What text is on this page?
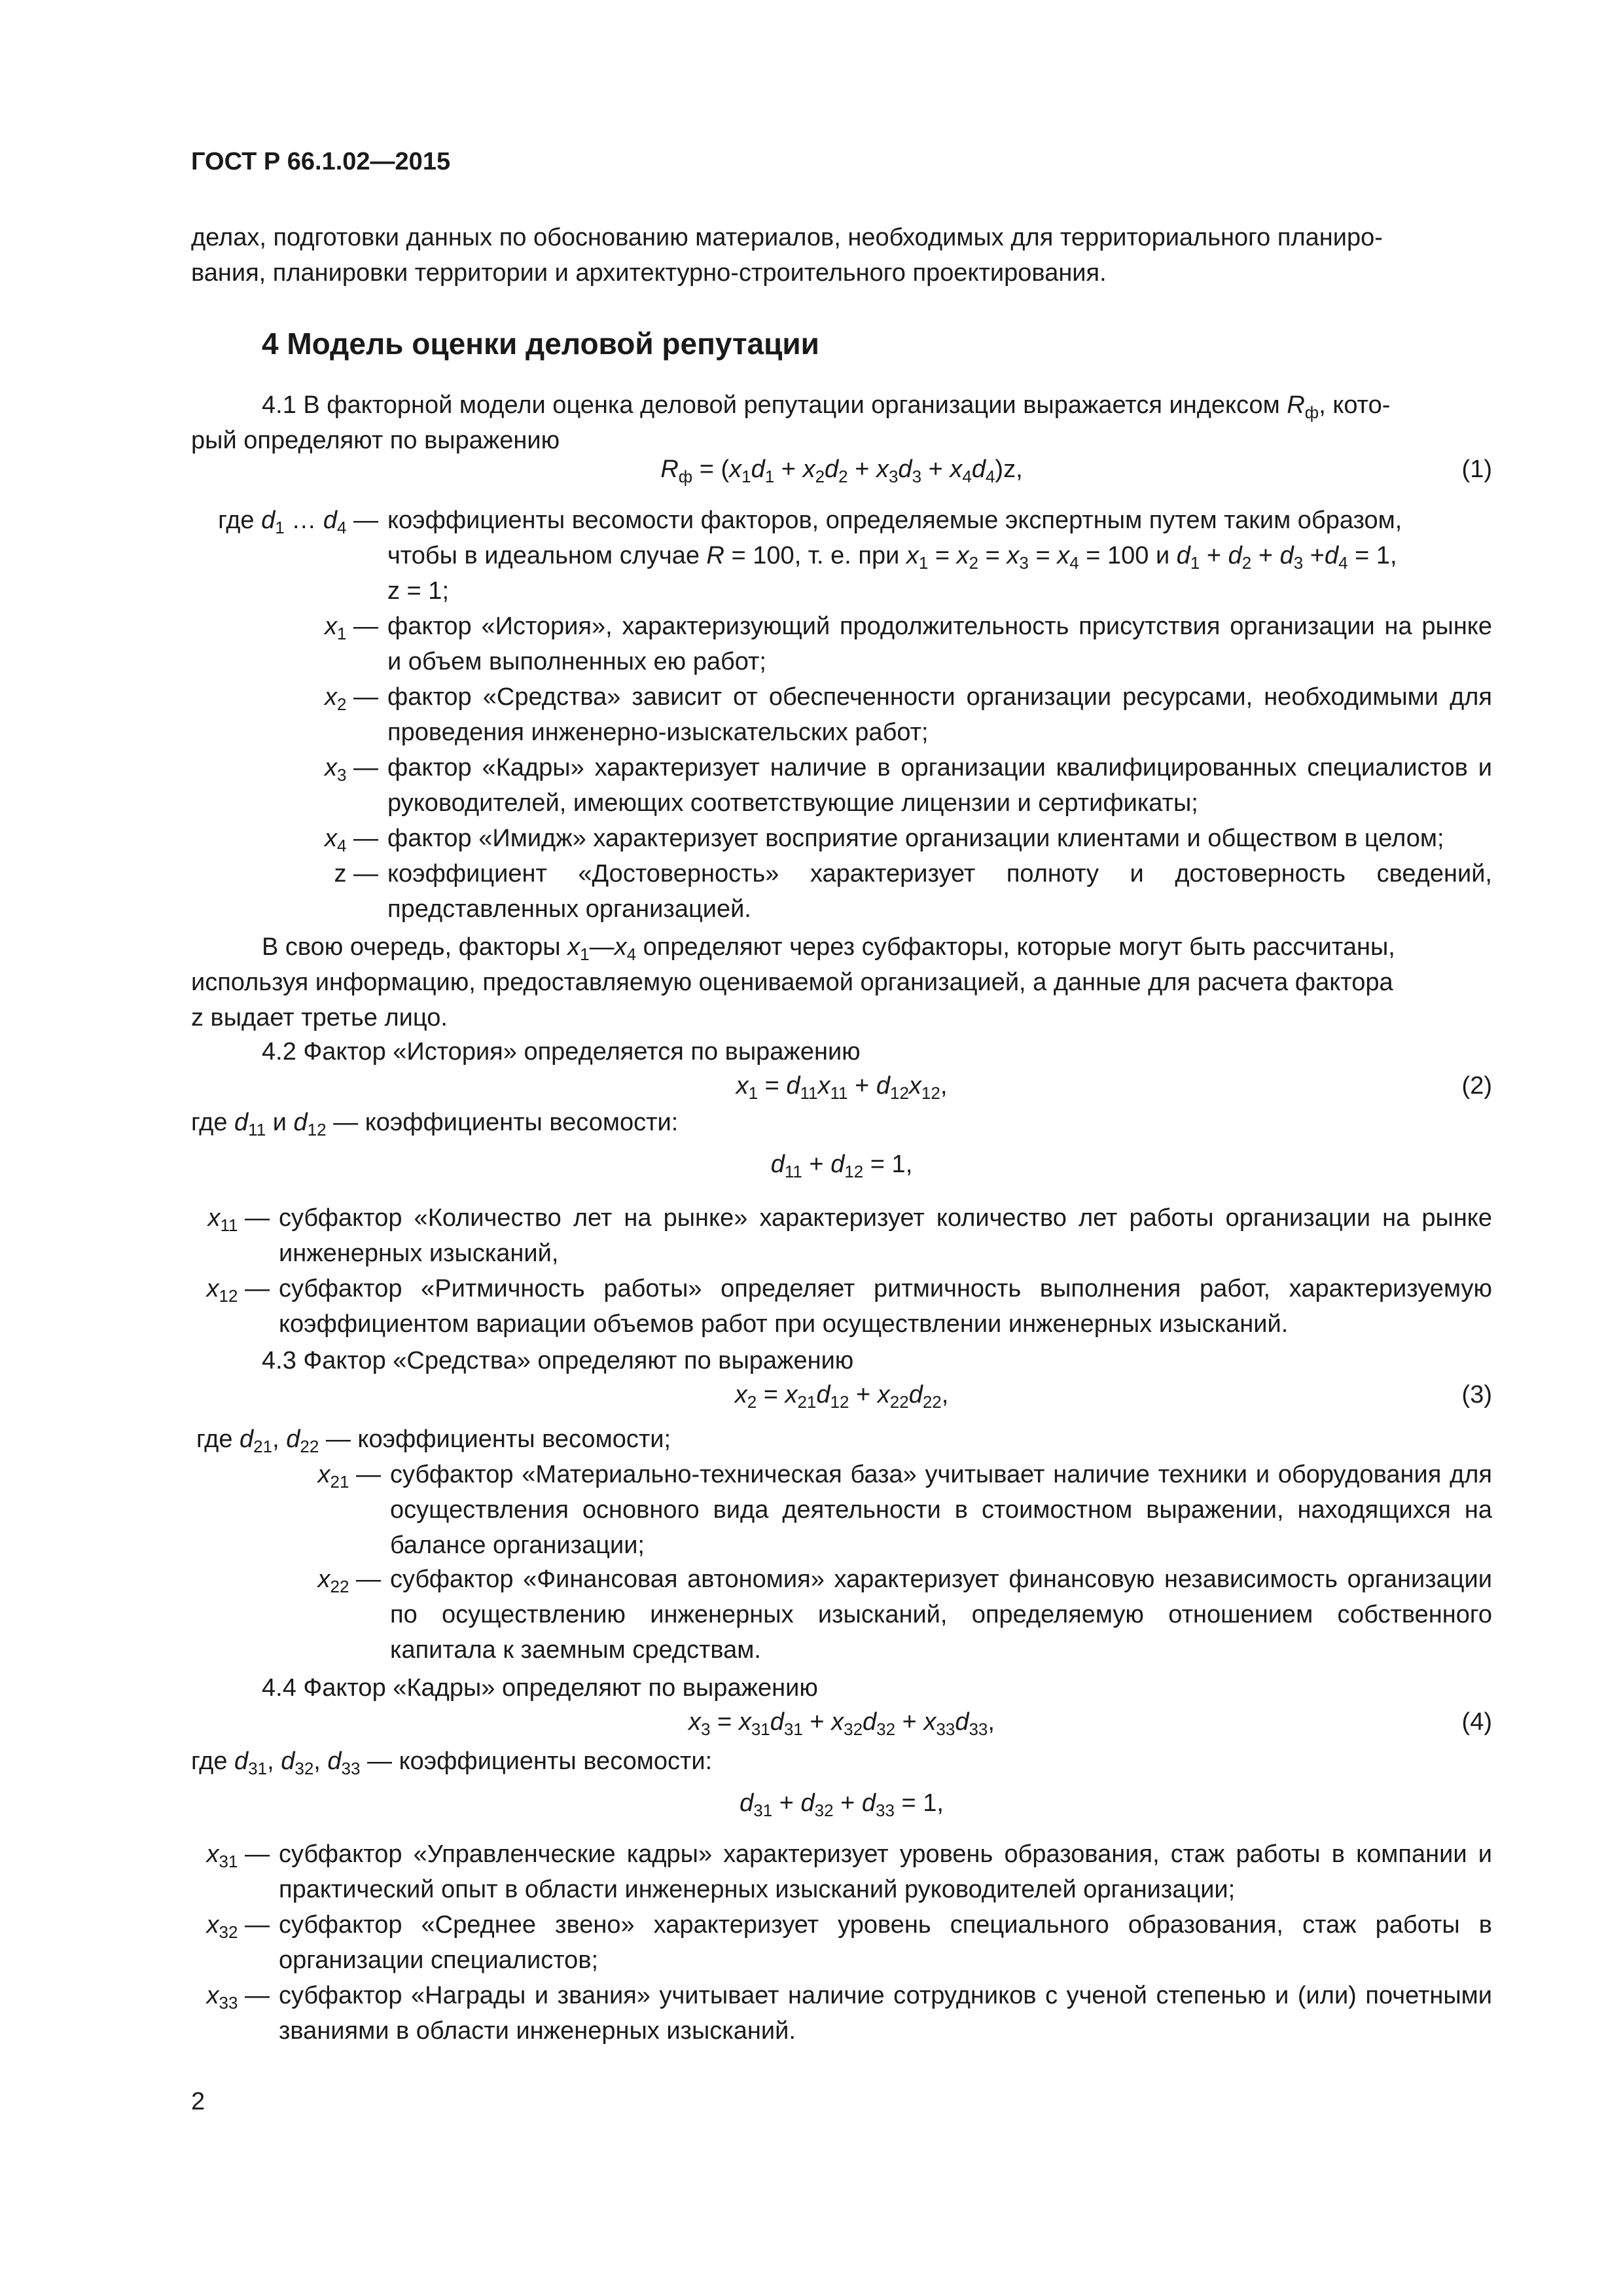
ГОСТ Р 66.1.02—2015

делах, подготовки данных по обоснованию материалов, необходимых для территориального планиро-
вания, планировки территории и архитектурно-строительного проектирования.

4 Модель оценки деловой репутации

4.1 В факторной модели оценка деловой репутации организации выражается индексом $R_ф$, кото-
рый определяют по выражению

$R_ф = (x_1d_1 + x_2d_2 + x_3d_3 + x_4d_4)z$,	(1)
где $d_1$ … $d_4$ — коэффициенты весомости факторов, определяемые экспертным путем таким образом,
чтобы в идеальном случае R = 100, т. е. при $x_1 = x_2 = x_3 = x_4 = 100$ и $d_1 + d_2 + d_3 +d_4 = 1$,
z = 1;
$x_1$ — фактор «История», характеризующий продолжительность присутствия организации на рынке и объем выполненных ею работ;
$x_2$ — фактор «Средства» зависит от обеспеченности организации ресурсами, необходимыми для проведения инженерно-изыскательских работ;
$x_3$ — фактор «Кадры» характеризует наличие в организации квалифицированных специалистов и руководителей, имеющих соответствующие лицензии и сертификаты;
$x_4$ — фактор «Имидж» характеризует восприятие организации клиентами и обществом в целом;
z — коэффициент «Достоверность» характеризует полноту и достоверность сведений, представленных организацией.

В свою очередь, факторы $x_1—x_4$ определяют через субфакторы, которые могут быть рассчитаны,
используя информацию, предоставляемую оцениваемой организацией, а данные для расчета фактора
z выдает третье лицо.

4.2 Фактор «История» определяется по выражению

$x_1 = d_{11}x_{11} + d_{12}x_{12}$,	(2)

где $d_{11}$ и $d_{12}$ — коэффициенты весомости:

$d_{11} + d_{12} = 1$,
$x_{11}$ — субфактор «Количество лет на рынке» характеризует количество лет работы организации на рынке инженерных изысканий,
$x_{12}$ — субфактор «Ритмичность работы» определяет ритмичность выполнения работ, характеризуемую коэффициентом вариации объемов работ при осуществлении инженерных изысканий.

4.3 Фактор «Средства» определяют по выражению

$x_2 = x_{21}d_{12} + x_{22}d_{22}$,	(3)

где $d_{21}$, $d_{22}$ — коэффициенты весомости;

$x_{21}$ — субфактор «Материально-техническая база» учитывает наличие техники и оборудования для осуществления основного вида деятельности в стоимостном выражении, находящихся на балансе организации;
$x_{22}$ — субфактор «Финансовая автономия» характеризует финансовую независимость организации по осуществлению инженерных изысканий, определяемую отношением собственного капитала к заемным средствам.

4.4 Фактор «Кадры» определяют по выражению

$x_3 = x_{31}d_{31} + x_{32}d_{32} + x_{33}d_{33}$,	(4)

где $d_{31}$, $d_{32}$, $d_{33}$ — коэффициенты весомости:

$d_{31} + d_{32} + d_{33} = 1$,
$x_{31}$ — субфактор «Управленческие кадры» характеризует уровень образования, стаж работы в компании и практический опыт в области инженерных изысканий руководителей организации;
$x_{32}$ — субфактор «Среднее звено» характеризует уровень специального образования, стаж работы в организации специалистов;
$x_{33}$ — субфактор «Награды и звания» учитывает наличие сотрудников с ученой степенью и (или) почетными званиями в области инженерных изысканий.

2
